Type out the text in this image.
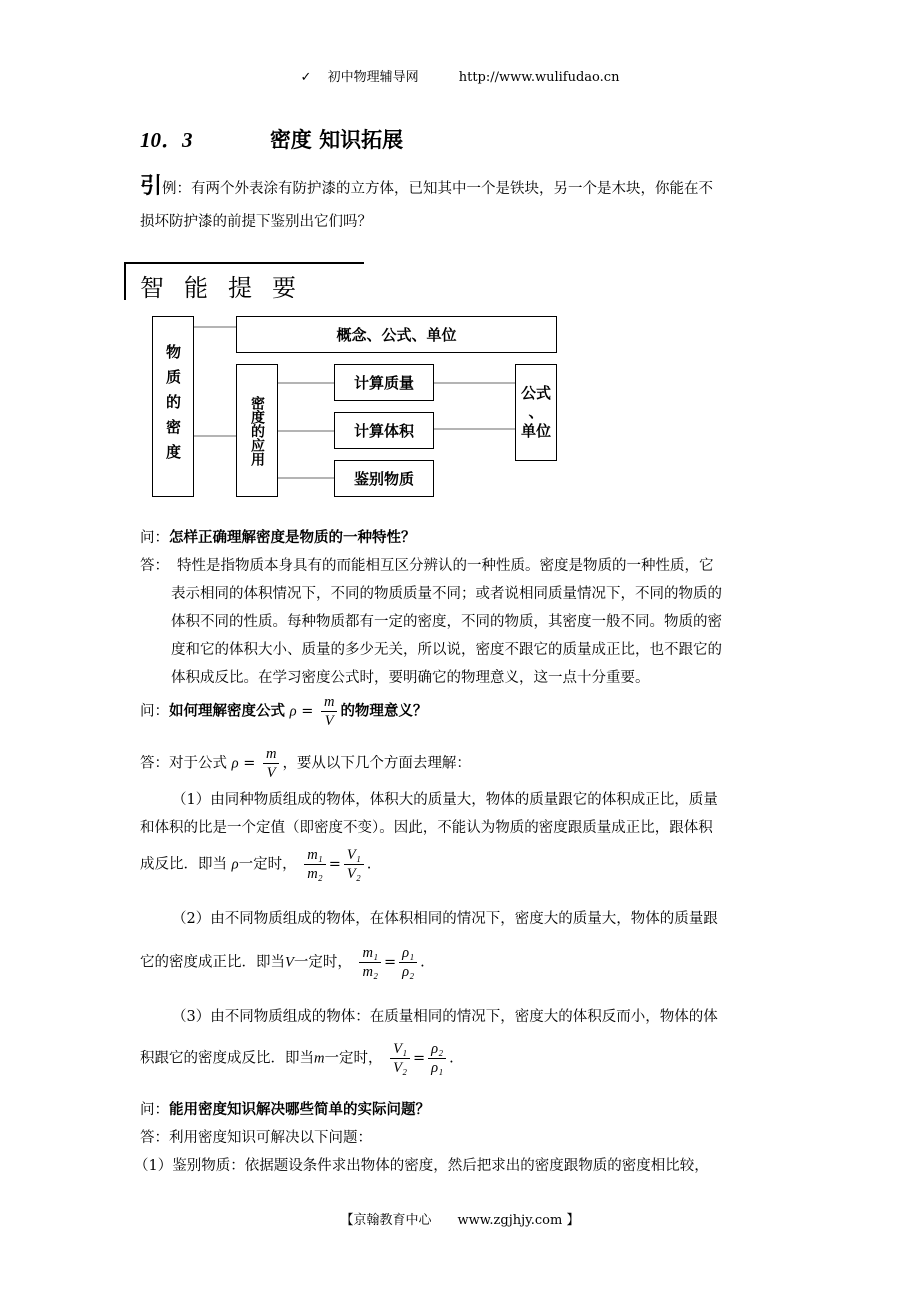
✓ 初中物理辅导网	http://www.wulifudao.cn
10．3	密度 知识拓展
引例：有两个外表涂有防护漆的立方体，已知其中一个是铁块，另一个是木块，你能在不
损坏防护漆的前提下鉴别出它们吗？
智能提要
物质的密度
概念、公式、单位
密度的应用
计算质量
计算体积
鉴别物质
公式
、
单位
问：怎样正确理解密度是物质的一种特性？
答： 特性是指物质本身具有的而能相互区分辨认的一种性质。密度是物质的一种性质，它
表示相同的体积情况下，不同的物质质量不同；或者说相同质量情况下，不同的物质的
体积不同的性质。每种物质都有一定的密度，不同的物质，其密度一般不同。物质的密
度和它的体积大小、质量的多少无关，所以说，密度不跟它的质量成正比，也不跟它的
体积成反比。在学习密度公式时，要明确它的物理意义，这一点十分重要。
问：如何理解密度公式 $\rho = \frac{m}{V}$ 的物理意义？
答：对于公式 $\rho = \frac{m}{V}$ ，要从以下几个方面去理解：
（1）由同种物质组成的物体，体积大的质量大，物体的质量跟它的体积成正比，质量
和体积的比是一个定值（即密度不变）。因此，不能认为物质的密度跟质量成正比，跟体积
成反比．即当 ρ一定时， $\frac{\text{m₁}}{\text{m₂}} = \frac{\text{V₁}}{\text{V₂}}$ .
（2）由不同物质组成的物体，在体积相同的情况下，密度大的质量大，物体的质量跟
它的密度成正比．即当V一定时， $\frac{\text{m₁}}{\text{m₂}} = \frac{\text{ρ₁}}{\text{ρ₂}}$ .
（3）由不同物质组成的物体：在质量相同的情况下，密度大的体积反而小，物体的体
积跟它的密度成反比．即当m一定时， $\frac{\text{V₁}}{\text{V₂}} = \frac{\text{ρ₂}}{\text{ρ₁}}$ .
问：能用密度知识解决哪些简单的实际问题？
答：利用密度知识可解决以下问题：
（1）鉴别物质：依据题设条件求出物体的密度，然后把求出的密度跟物质的密度相比较，
【京翰教育中心　　www.zgjhjy.com 】
